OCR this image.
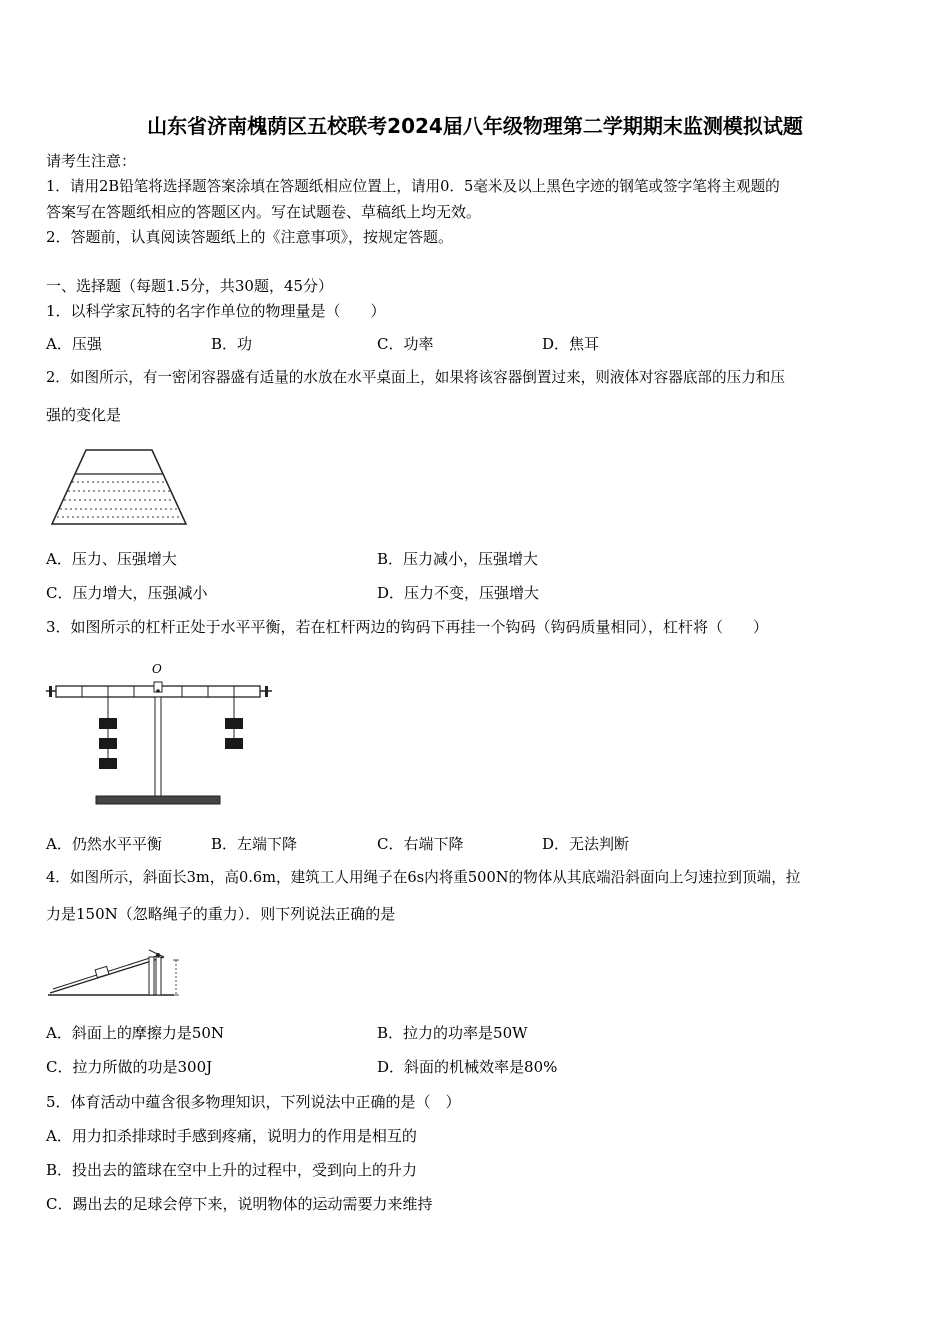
山东省济南槐荫区五校联考2024届八年级物理第二学期期末监测模拟试题
请考生注意：
1．请用2B铅笔将选择题答案涂填在答题纸相应位置上，请用0．5毫米及以上黑色字迹的钢笔或签字笔将主观题的
答案写在答题纸相应的答题区内。写在试题卷、草稿纸上均无效。
2．答题前，认真阅读答题纸上的《注意事项》，按规定答题。
一、选择题（每题1.5分，共30题，45分）
1．以科学家瓦特的名字作单位的物理量是（　　）
A．压强	B．功	C．功率	D．焦耳
2．如图所示，有一密闭容器盛有适量的水放在水平桌面上，如果将该容器倒置过来，则液体对容器底部的压力和压
强的变化是
A．压力、压强增大	B．压力减小，压强增大
C．压力增大，压强减小	D．压力不变，压强增大
3．如图所示的杠杆正处于水平平衡，若在杠杆两边的钩码下再挂一个钩码（钩码质量相同），杠杆将（　　）
O
A．仍然水平平衡	B．左端下降	C．右端下降	D．无法判断
4．如图所示，斜面长3m，高0.6m，建筑工人用绳子在6s内将重500N的物体从其底端沿斜面向上匀速拉到顶端，拉
力是150N（忽略绳子的重力）．则下列说法正确的是
A．斜面上的摩擦力是50N	B．拉力的功率是50W
C．拉力所做的功是300J	D．斜面的机械效率是80%
5．体育活动中蕴含很多物理知识，下列说法中正确的是（　）
A．用力扣杀排球时手感到疼痛，说明力的作用是相互的
B．投出去的篮球在空中上升的过程中，受到向上的升力
C．踢出去的足球会停下来，说明物体的运动需要力来维持
